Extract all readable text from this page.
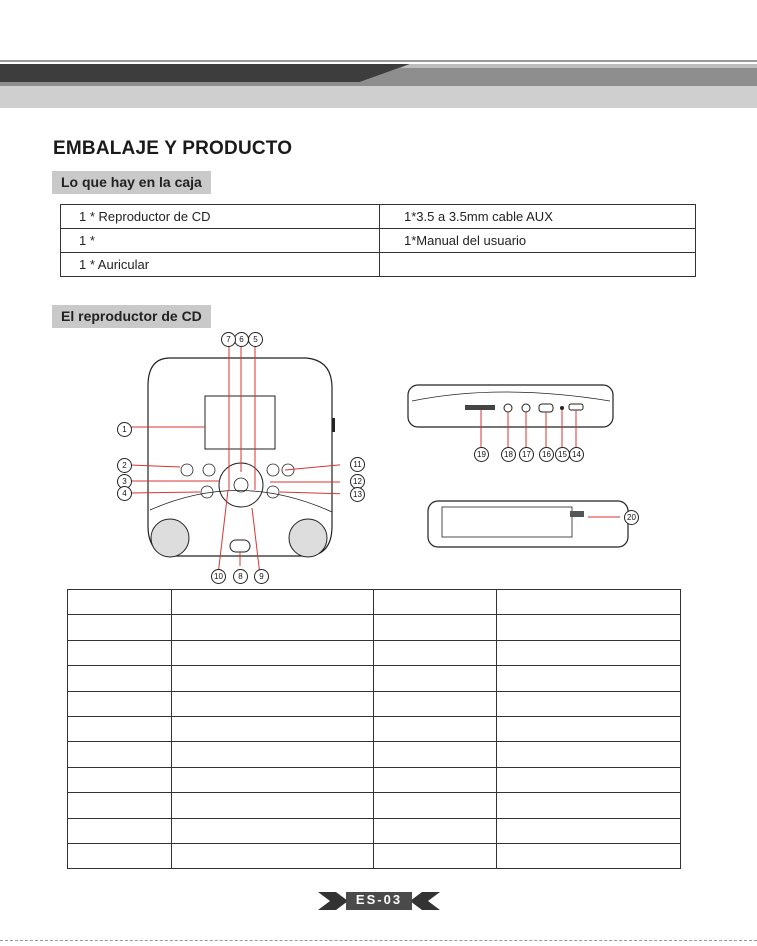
EMBALAJE Y PRODUCTO
Lo que hay en la caja
1 * Reproductor de CD	1*3.5 a 3.5mm cable AUX
1 *	1*Manual del usuario
1 * Auricular	
El reproductor de CD
1
2
3
4
5
6
7
8	9
10
11
12
13
19	18	17	16 15 14
20

ES-03
